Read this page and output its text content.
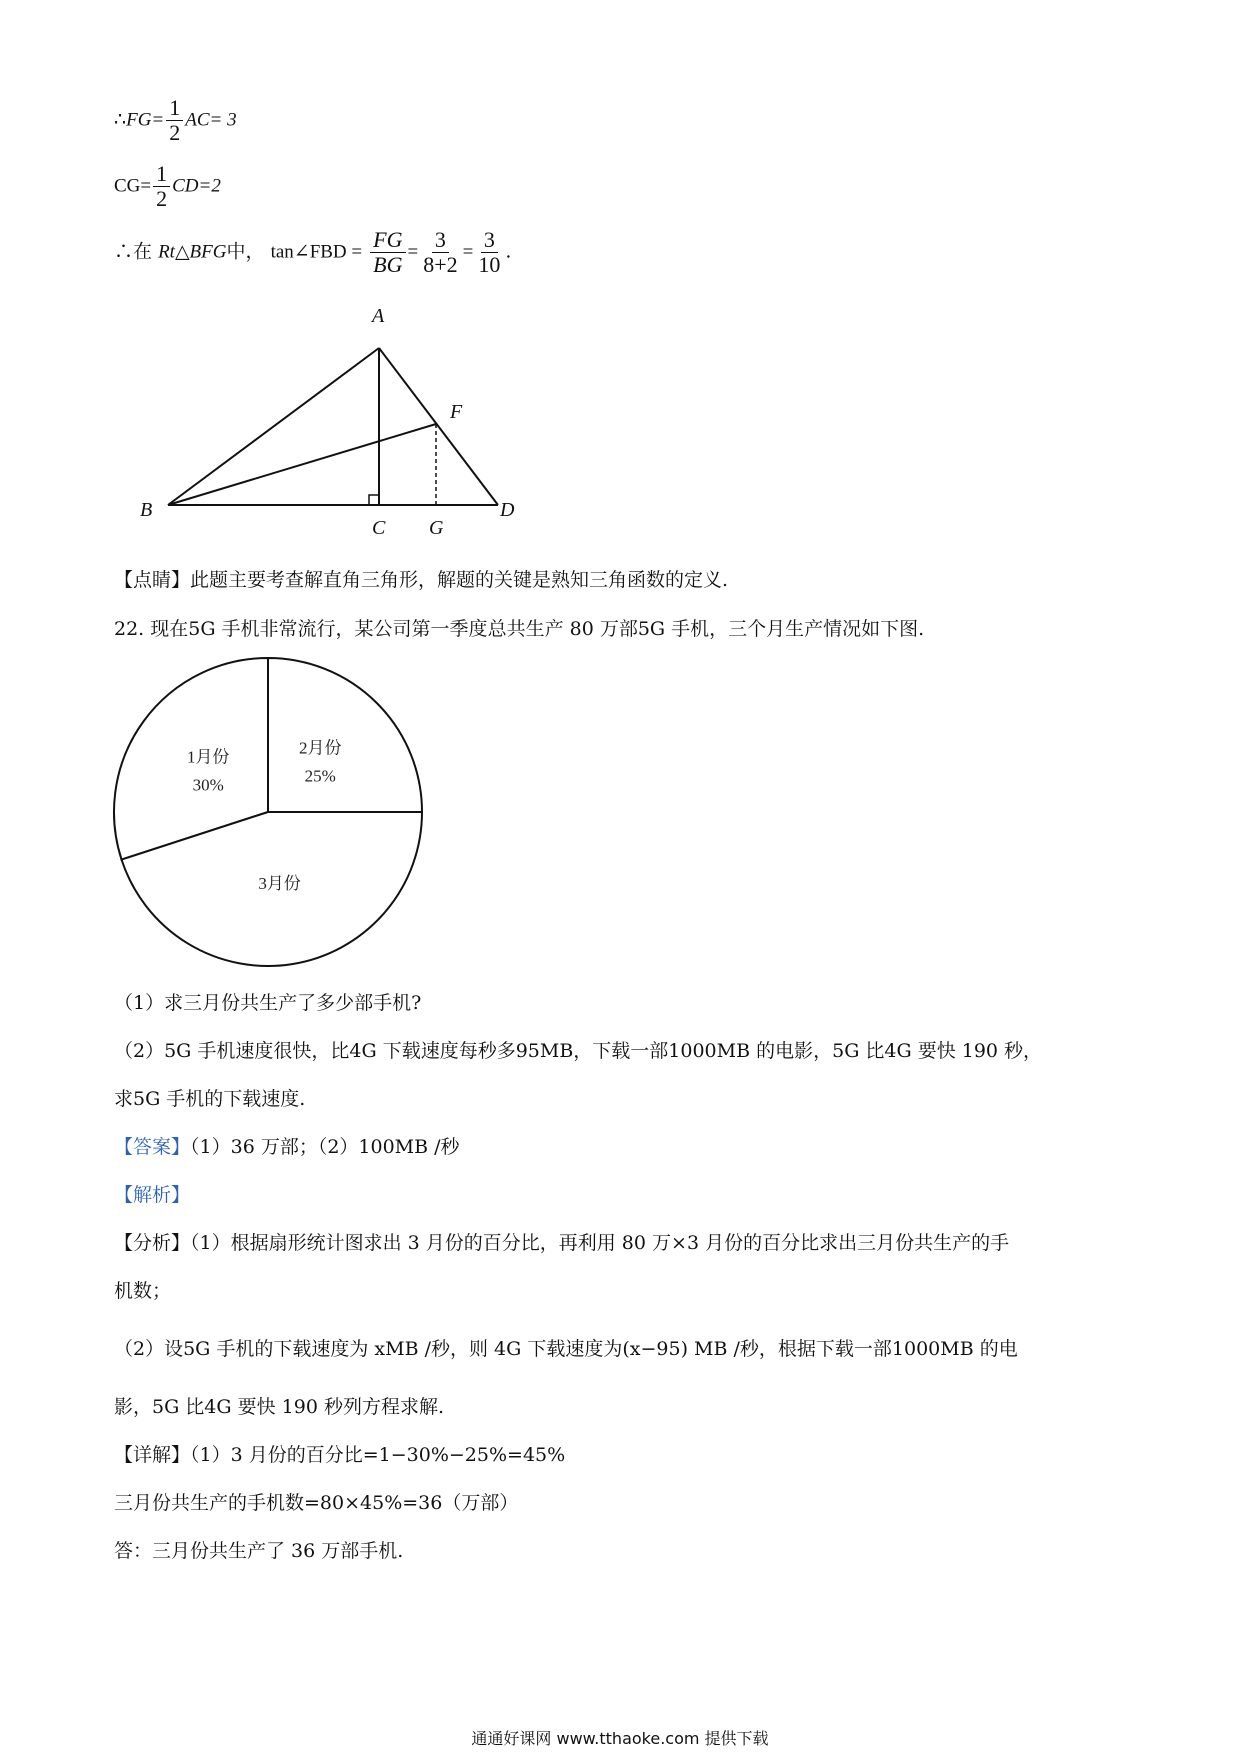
∴FG= $\frac{1}{2} AC= 3$
$CG= \frac{1}{2} CD=2$
∴在 Rt△BFG中， tan∠FBD = $\frac{FG}{BG} = \frac{3}{8+2} = \frac{3}{10}$ .
A
B
C
D
F
G
【点睛】此题主要考查解直角三角形，解题的关键是熟知三角函数的定义.
22. 现在5G 手机非常流行，某公司第一季度总共生产 80 万部5G 手机，三个月生产情况如下图.
1月份
30%
2月份
25%
3月份
（1）求三月份共生产了多少部手机?
（2）5G 手机速度很快，比4G 下载速度每秒多95MB，下载一部1000MB 的电影，5G 比4G 要快 190 秒，
求5G 手机的下载速度.
【答案】（1）36 万部；（2）100MB /秒
【解析】
【分析】（1）根据扇形统计图求出 3 月份的百分比，再利用 80 万×3 月份的百分比求出三月份共生产的手
机数；
（2）设5G 手机的下载速度为 xMB /秒，则 4G 下载速度为(x−95) MB /秒，根据下载一部1000MB 的电
影，5G 比4G 要快 190 秒列方程求解.
【详解】（1）3 月份的百分比=1−30%−25%=45%
三月份共生产的手机数=80×45%=36（万部）
答：三月份共生产了 36 万部手机.
通通好课网 www.tthaoke.com 提供下载
